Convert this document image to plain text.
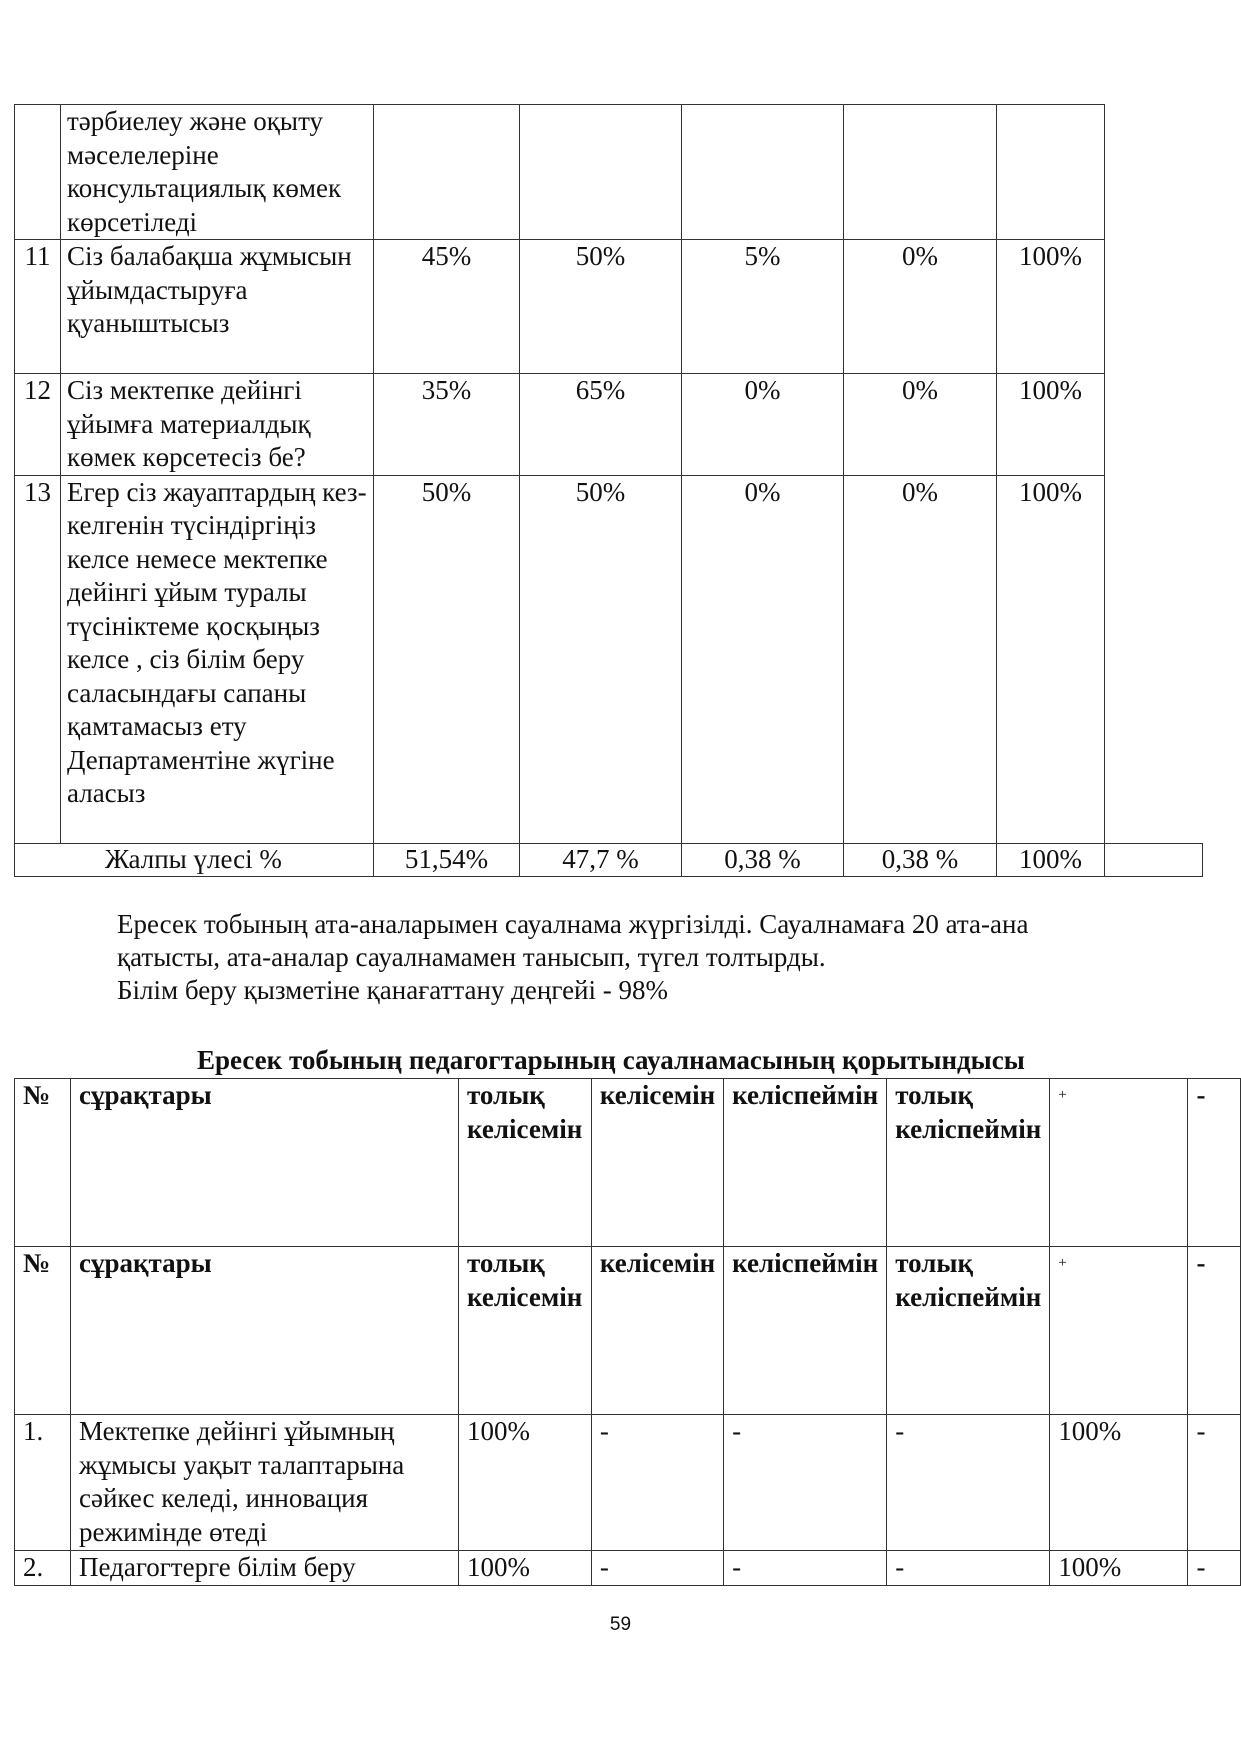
	тәрбиелеу және оқыту мәселелеріне консультациялық көмек көрсетіледі						
11	Сіз балабақша жұмысын ұйымдастыруға қуаныштысыз	45%	50%	5%	0%	100%	
12	Сіз мектепке дейінгі ұйымға материалдық көмек көрсетесіз бе?	35%	65%	0%	0%	100%	
13	Егер сіз жауаптардың кез-келгенін түсіндіргіңіз келсе немесе мектепке дейінгі ұйым туралы түсініктеме қосқыңыз келсе , сіз білім беру саласындағы сапаны қамтамасыз ету Департаментіне жүгіне аласыз	50%	50%	0%	0%	100%	
Жалпы үлесі %		51,54%	47,7 %	0,38 %	0,38 %	100%	

Ересек тобының ата-аналарымен сауалнама жүргізілді. Сауалнамаға 20 ата-ана

қатысты, ата-аналар сауалнамамен танысып, түгел толтырды.

Білім беру қызметіне қанағаттану деңгейі - 98%

Ересек тобының педагогтарының сауалнамасының қорытындысы
№	сұрақтары	толық келісемін	келісемін	келіспеймін	толық келіспеймін	+	-
№	сұрақтары	толық келісемін	келісемін	келіспеймін	толық келіспеймін	+	-
1.	Мектепке дейінгі ұйымның жұмысы уақыт талаптарына сәйкес келеді, инновация режимінде өтеді	100%	-	-	-	100%	-
2.	Педагогтерге білім беру	100%	-	-	-	100%	-
59
